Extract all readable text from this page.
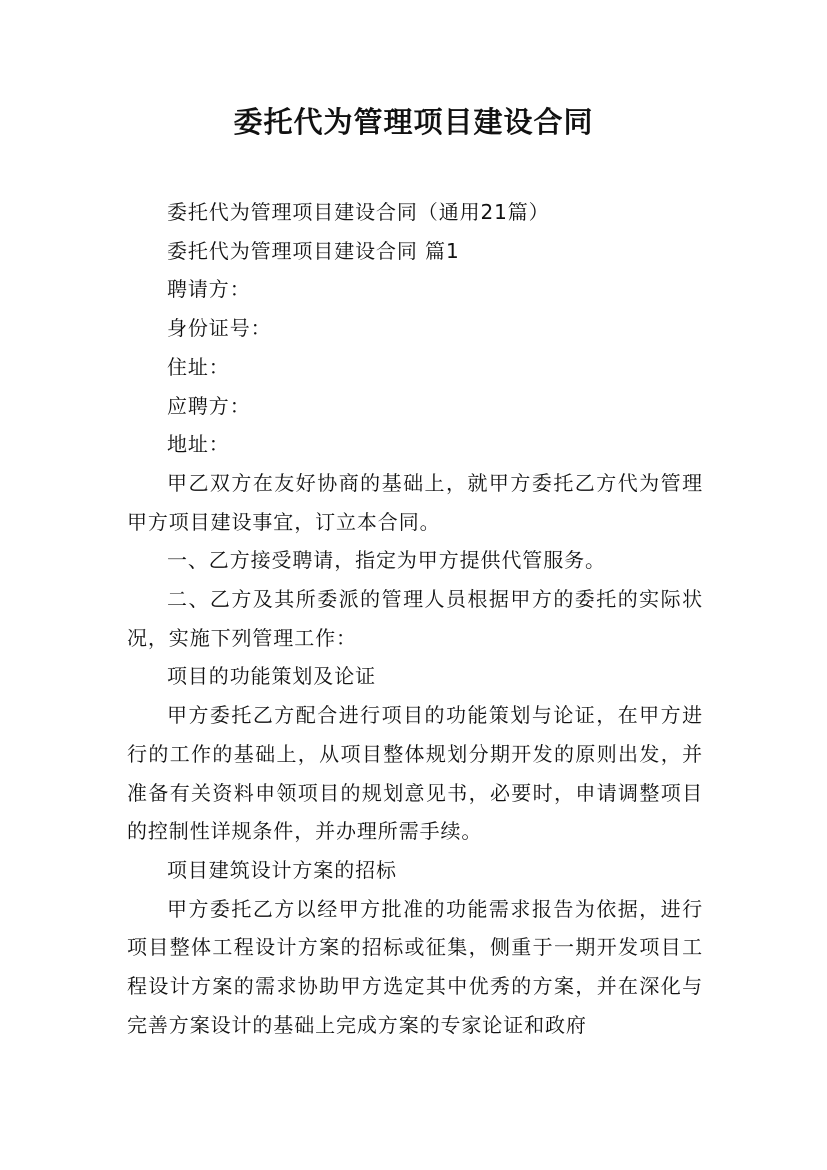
委托代为管理项目建设合同

委托代为管理项目建设合同（通用21篇）

委托代为管理项目建设合同 篇1

聘请方：

身份证号：

住址：

应聘方：

地址：

甲乙双方在友好协商的基础上，就甲方委托乙方代为管理甲方项目建设事宜，订立本合同。

一、乙方接受聘请，指定为甲方提供代管服务。

二、乙方及其所委派的管理人员根据甲方的委托的实际状况，实施下列管理工作：

项目的功能策划及论证

甲方委托乙方配合进行项目的功能策划与论证，在甲方进行的工作的基础上，从项目整体规划分期开发的原则出发，并准备有关资料申领项目的规划意见书，必要时，申请调整项目的控制性详规条件，并办理所需手续。

项目建筑设计方案的招标

甲方委托乙方以经甲方批准的功能需求报告为依据，进行项目整体工程设计方案的招标或征集，侧重于一期开发项目工程设计方案的需求协助甲方选定其中优秀的方案，并在深化与完善方案设计的基础上完成方案的专家论证和政府
